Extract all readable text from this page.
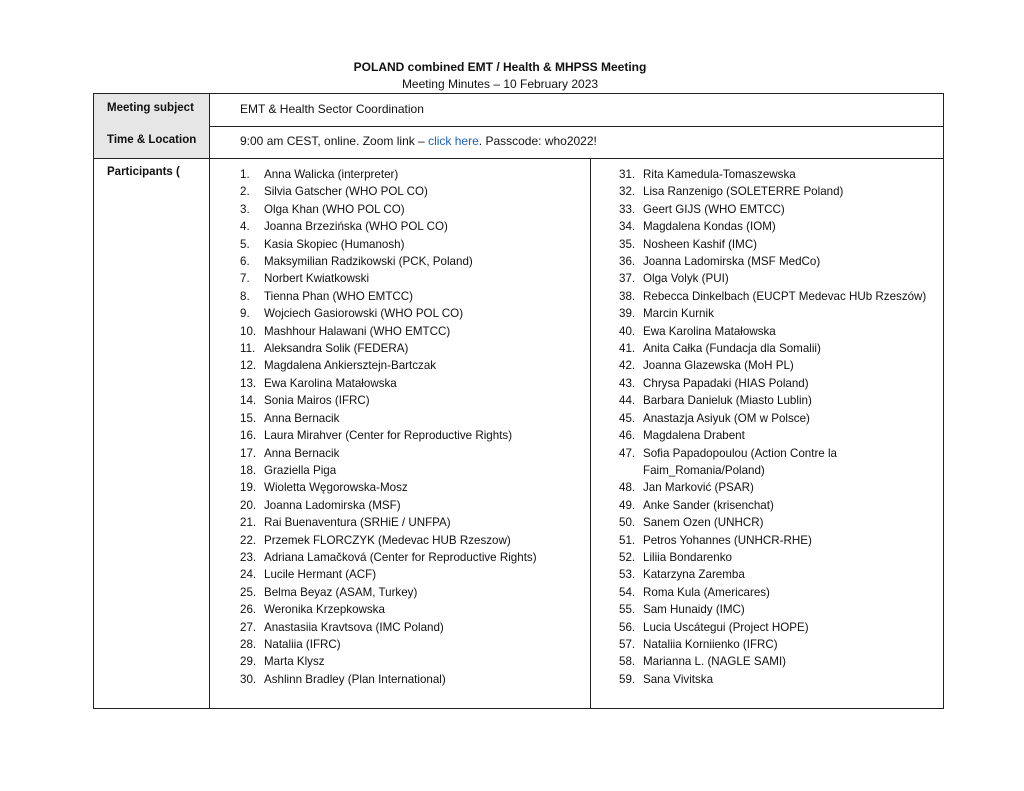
POLAND combined EMT / Health & MHPSS Meeting
Meeting Minutes – 10 February 2023
Meeting subject	EMT & Health Sector Coordination
Time & Location	9:00 am CEST, online. Zoom link – click here. Passcode: who2022!
Participants (	1.	Anna Walicka (interpreter)
2.	Silvia Gatscher (WHO POL CO)
3.	Olga Khan (WHO POL CO)
4.	Joanna Brzezińska (WHO POL CO)
5.	Kasia Skopiec (Humanosh)
6.	Maksymilian Radzikowski (PCK, Poland)
7.	Norbert Kwiatkowski
8.	Tienna Phan (WHO EMTCC)
9.	Wojciech Gasiorowski (WHO POL CO)
10. Mashhour Halawani (WHO EMTCC)
11. Aleksandra Solik (FEDERA)
12. Magdalena Ankiersztejn-Bartczak
13. Ewa Karolina Matałowska
14. Sonia Mairos (IFRC)
15. Anna Bernacik
16. Laura Mirahver (Center for Reproductive Rights)
17. Anna Bernacik
18. Graziella Piga
19. Wioletta Węgorowska-Mosz
20. Joanna Ladomirska (MSF)
21. Rai Buenaventura (SRHiE / UNFPA)
22. Przemek FLORCZYK (Medevac HUB Rzeszow)
23. Adriana Lamačková (Center for Reproductive Rights)
24. Lucile Hermant (ACF)
25. Belma Beyaz (ASAM, Turkey)
26. Weronika Krzepkowska
27. Anastasiia Kravtsova (IMC Poland)
28. Nataliia (IFRC)
29. Marta Klysz
30. Ashlinn Bradley (Plan International)
31. Rita Kamedula-Tomaszewska
32. Lisa Ranzenigo (SOLETERRE Poland)
33. Geert GIJS (WHO EMTCC)
34. Magdalena Kondas (IOM)
35. Nosheen Kashif (IMC)
36. Joanna Ladomirska (MSF MedCo)
37. Olga Volyk (PUI)
38. Rebecca Dinkelbach (EUCPT Medevac HUb Rzeszów)
39. Marcin Kurnik
40. Ewa Karolina Matałowska
41. Anita Całka (Fundacja dla Somalii)
42. Joanna Glazewska (MoH PL)
43. Chrysa Papadaki (HIAS Poland)
44. Barbara Danieluk (Miasto Lublin)
45. Anastazja Asiyuk (OM w Polsce)
46. Magdalena Drabent
47. Sofia Papadopoulou (Action Contre la Faim_Romania/Poland)
48. Jan Marković (PSAR)
49. Anke Sander (krisenchat)
50. Sanem Ozen (UNHCR)
51. Petros Yohannes (UNHCR-RHE)
52. Liliia Bondarenko
53. Katarzyna Zaremba
54. Roma Kula (Americares)
55. Sam Hunaidy (IMC)
56. Lucia Uscátegui (Project HOPE)
57. Nataliia Korniienko (IFRC)
58. Marianna L. (NAGLE SAMI)
59. Sana Vivitska
